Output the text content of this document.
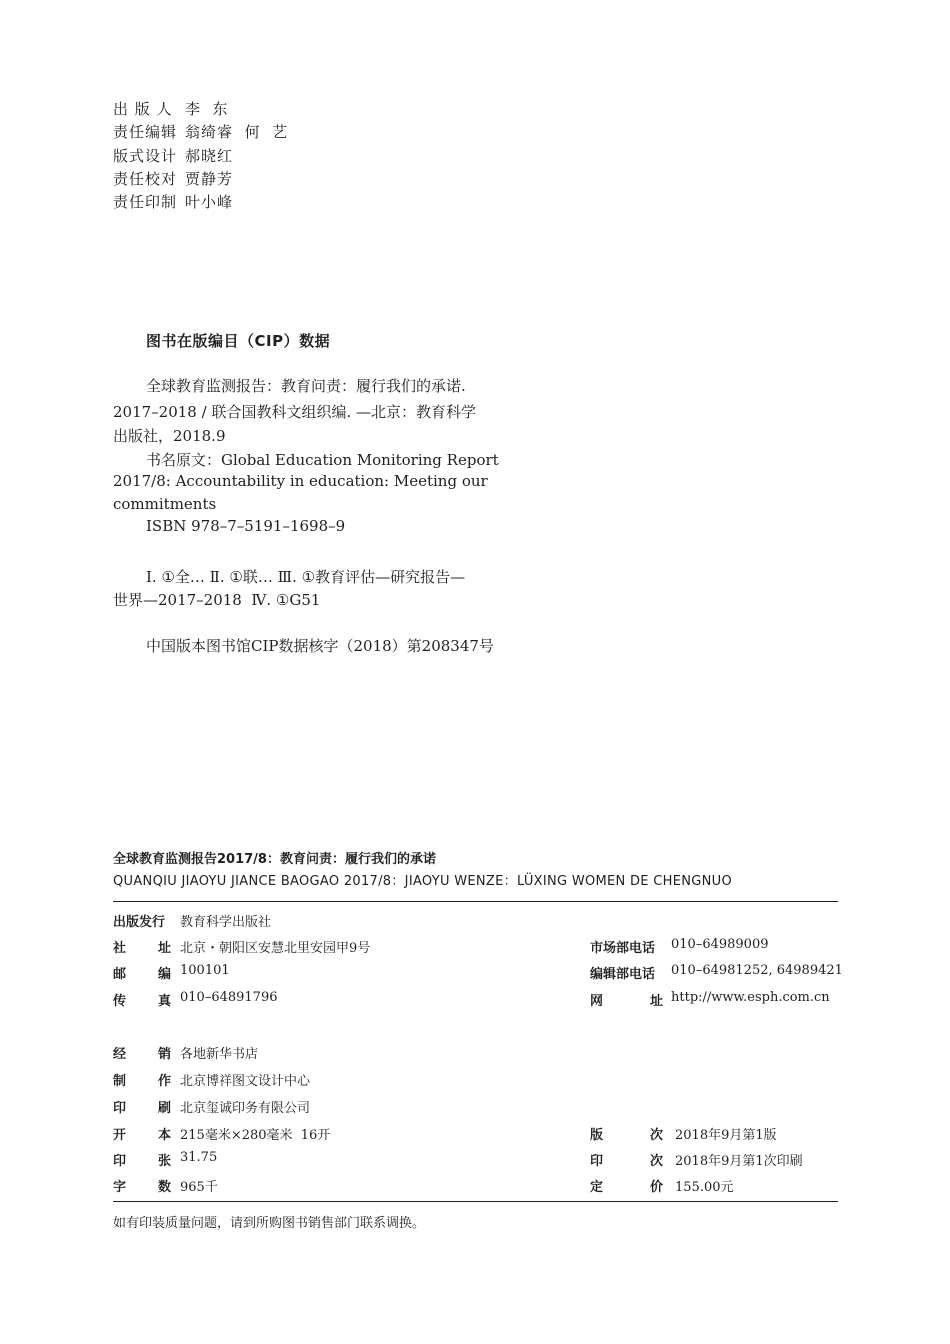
出 版 人 李  东
责任编辑 翁绮睿  何  艺
版式设计 郝晓红
责任校对 贾静芳
责任印制 叶小峰
图书在版编目（CIP）数据
全球教育监测报告：教育问责：履行我们的承诺.
2017–2018 / 联合国教科文组织编. —北京：教育科学
出版社，2018.9
书名原文：Global Education Monitoring Report
2017/8: Accountability in education: Meeting our
commitments
ISBN 978–7–5191–1698–9
Ⅰ. ①全… Ⅱ. ①联… Ⅲ. ①教育评估—研究报告—
世界—2017–2018  Ⅳ. ①G51
中国版本图书馆CIP数据核字（2018）第208347号
全球教育监测报告2017/8：教育问责：履行我们的承诺
QUANQIU JIAOYU JIANCE BAOGAO 2017/8：JIAOYU WENZE：LÜXING WOMEN DE CHENGNUO
出版发行 教育科学出版社
社 址 北京・朝阳区安慧北里安园甲9号	市场部电话 010–64989009
邮 编 100101	编辑部电话 010–64981252, 64989421
传 真 010–64891796	网	址 http://www.esph.com.cn
经 销 各地新华书店
制 作 北京博祥图文设计中心
印 刷 北京玺诚印务有限公司
开 本 215毫米×280毫米  16开	版	次 2018年9月第1版
印 张 31.75	印	次 2018年9月第1次印刷
字 数 965千	定	价 155.00元
如有印装质量问题，请到所购图书销售部门联系调换。
